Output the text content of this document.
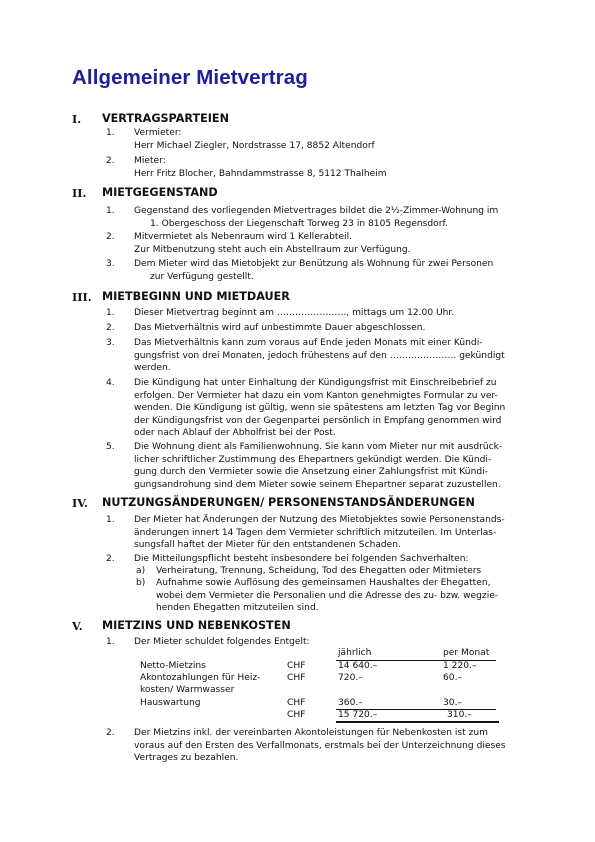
Allgemeiner Mietvertrag
I. VERTRAGSPARTEIEN
1. Vermieter:
Herr Michael Ziegler, Nordstrasse 17, 8852 Altendorf
2. Mieter:
Herr Fritz Blocher, Bahndammstrasse 8, 5112 Thalheim
II. MIETGEGENSTAND
1. Gegenstand des vorliegenden Mietvertrages bildet die 2½-Zimmer-Wohnung im
1. Obergeschoss der Liegenschaft Torweg 23 in 8105 Regensdorf.
2. Mitvermietet als Nebenraum wird 1 Kellerabteil.
Zur Mitbenutzung steht auch ein Abstellraum zur Verfügung.
3. Dem Mieter wird das Mietobjekt zur Benützung als Wohnung für zwei Personen
zur Verfügung gestellt.
III. MIETBEGINN UND MIETDAUER
1. Dieser Mietvertrag beginnt am ………………….., mittags um 12.00 Uhr.
2. Das Mietverhältnis wird auf unbestimmte Dauer abgeschlossen.
3. Das Mietverhältnis kann zum voraus auf Ende jeden Monats mit einer Kündi-
gungsfrist von drei Monaten, jedoch frühestens auf den …………………. gekündigt
werden.
4. Die Kündigung hat unter Einhaltung der Kündigungsfrist mit Einschreibebrief zu
erfolgen. Der Vermieter hat dazu ein vom Kanton genehmigtes Formular zu ver-
wenden. Die Kündigung ist gültig, wenn sie spätestens am letzten Tag vor Beginn
der Kündigungsfrist von der Gegenpartei persönlich in Empfang genommen wird
oder nach Ablauf der Abholfrist bei der Post.
5. Die Wohnung dient als Familienwohnung. Sie kann vom Mieter nur mit ausdrück-
licher schriftlicher Zustimmung des Ehepartners gekündigt werden. Die Kündi-
gung durch den Vermieter sowie die Ansetzung einer Zahlungsfrist mit Kündi-
gungsandrohung sind dem Mieter sowie seinem Ehepartner separat zuzustellen.
IV. NUTZUNGSÄNDERUNGEN/ PERSONENSTANDSÄNDERUNGEN
1. Der Mieter hat Änderungen der Nutzung des Mietobjektes sowie Personenstands-
änderungen innert 14 Tagen dem Vermieter schriftlich mitzuteilen. Im Unterlas-
sungsfall haftet der Mieter für den entstandenen Schaden.
2. Die Mitteilungspflicht besteht insbesondere bei folgenden Sachverhalten:
a) Verheiratung, Trennung, Scheidung, Tod des Ehegatten oder Mitmieters
b) Aufnahme sowie Auflösung des gemeinsamen Haushaltes der Ehegatten,
wobei dem Vermieter die Personalien und die Adresse des zu- bzw. wegzie-
henden Ehegatten mitzuteilen sind.
V. MIETZINS UND NEBENKOSTEN
1. Der Mieter schuldet folgendes Entgelt:
jährlich	per Monat
Netto-Mietzins	CHF	14 640.–	1 220.–
Akontozahlungen für Heiz-
kosten/ Warmwasser
CHF	720.–	60.–
Hauswartung	CHF	360.–	30.–
CHF	15 720.–	310.–
2. Der Mietzins inkl. der vereinbarten Akontoleistungen für Nebenkosten ist zum
voraus auf den Ersten des Verfallmonats, erstmals bei der Unterzeichnung dieses
Vertrages zu bezahlen.
